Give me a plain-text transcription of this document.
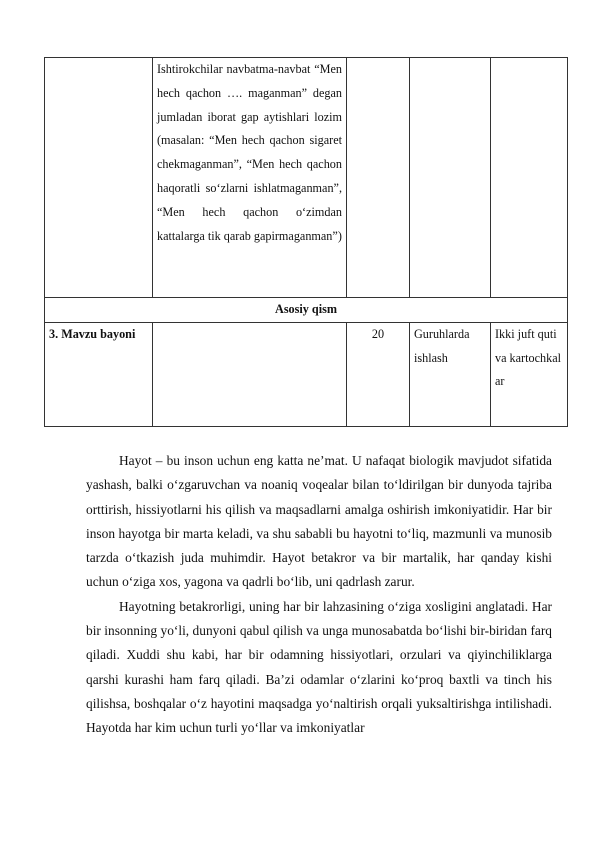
	Ishtirokchilar navbatma-navbat “Men hech qachon …. maganman” degan jumladan iborat gap aytishlari lozim (masalan: “Men hech qachon sigaret chekmaganman”, “Men hech qachon haqoratli so‘zlarni ishlatmaganman”, “Men hech qachon o‘zimdan kattalarga tik qarab gapirmaganman”)			
Asosiy qism				
3. Mavzu bayoni		20	Guruhlarda ishlash	Ikki juft quti va kartochkalar

Hayot – bu inson uchun eng katta ne’mat. U nafaqat biologik mavjudot sifatida yashash, balki o‘zgaruvchan va noaniq voqealar bilan to‘ldirilgan bir dunyoda tajriba orttirish, hissiyotlarni his qilish va maqsadlarni amalga oshirish imkoniyatidir. Har bir inson hayotga bir marta keladi, va shu sababli bu hayotni to‘liq, mazmunli va munosib tarzda o‘tkazish juda muhimdir. Hayot betakror va bir martalik, har qanday kishi uchun o‘ziga xos, yagona va qadrli bo‘lib, uni qadrlash zarur.

Hayotning betakrorligi, uning har bir lahzasining o‘ziga xosligini anglatadi. Har bir insonning yo‘li, dunyoni qabul qilish va unga munosabatda bo‘lishi bir-biridan farq qiladi. Xuddi shu kabi, har bir odamning hissiyotlari, orzulari va qiyinchiliklarga qarshi kurashi ham farq qiladi. Ba’zi odamlar o‘zlarini ko‘proq baxtli va tinch his qilishsa, boshqalar o‘z hayotini maqsadga yo‘naltirish orqali yuksaltirishga intilishadi. Hayotda har kim uchun turli yo‘llar va imkoniyatlar
